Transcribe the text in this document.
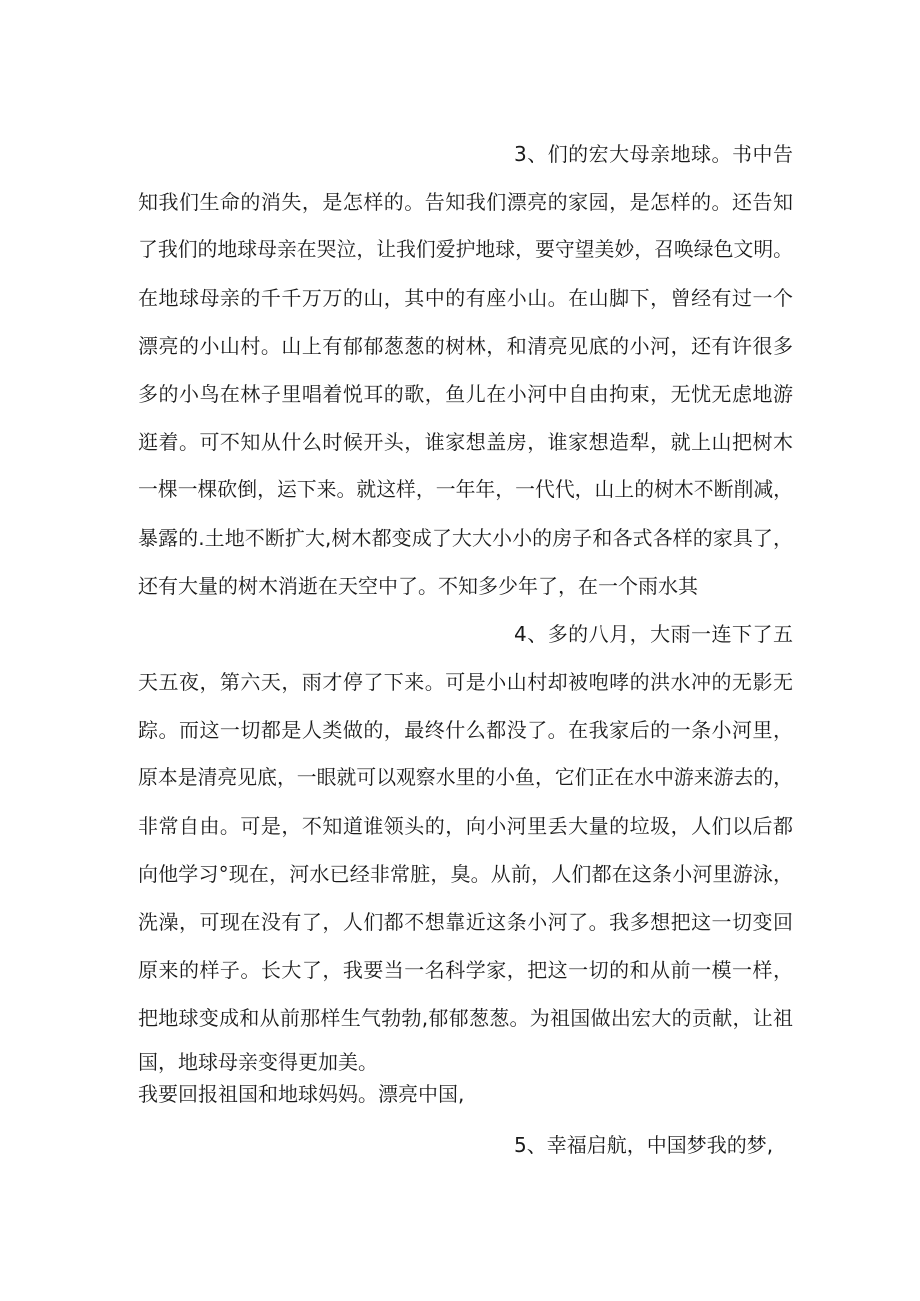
3、们的宏大母亲地球。书中告
知我们生命的消失，是怎样的。告知我们漂亮的家园，是怎样的。还告知
了我们的地球母亲在哭泣，让我们爱护地球，要守望美妙，召唤绿色文明。
在地球母亲的千千万万的山，其中的有座小山。在山脚下，曾经有过一个
漂亮的小山村。山上有郁郁葱葱的树林，和清亮见底的小河，还有许很多
多的小鸟在林子里唱着悦耳的歌，鱼儿在小河中自由拘束，无忧无虑地游
逛着。可不知从什么时候开头，谁家想盖房，谁家想造犁，就上山把树木
一棵一棵砍倒，运下来。就这样，一年年，一代代，山上的树木不断削减，
暴露的.土地不断扩大,树木都变成了大大小小的房子和各式各样的家具了，
还有大量的树木消逝在天空中了。不知多少年了，在一个雨水其
4、多的八月，大雨一连下了五
天五夜，第六天，雨才停了下来。可是小山村却被咆哮的洪水冲的无影无
踪。而这一切都是人类做的，最终什么都没了。在我家后的一条小河里，
原本是清亮见底，一眼就可以观察水里的小鱼，它们正在水中游来游去的，
非常自由。可是，不知道谁领头的，向小河里丢大量的垃圾，人们以后都
向他学习°现在，河水已经非常脏，臭。从前，人们都在这条小河里游泳，
洗澡，可现在没有了，人们都不想靠近这条小河了。我多想把这一切变回
原来的样子。长大了，我要当一名科学家，把这一切的和从前一模一样，
把地球变成和从前那样生气勃勃,郁郁葱葱。为祖国做出宏大的贡献，让祖
国，地球母亲变得更加美。
我要回报祖国和地球妈妈。漂亮中国,
5、幸福启航，中国梦我的梦,
